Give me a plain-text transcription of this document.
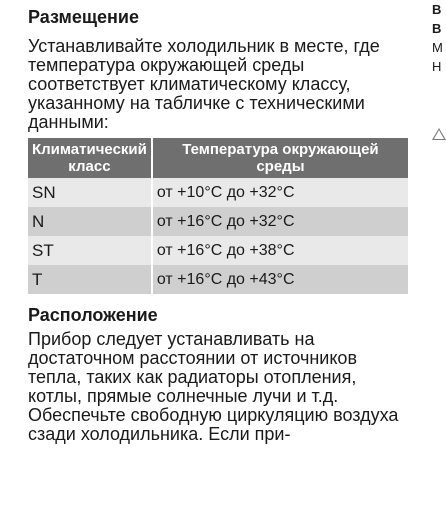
Размещение

Устанавливайте холодильник в месте, где температура окружающей среды соответствует климатическому классу, указанному на табличке с техническими данными:

Климатический класс	Температура окружающей среды
SN	от +10°C до +32°C
N	от +16°C до +32°C
ST	от +16°C до +38°C
T	от +16°C до +43°C
Расположение

Прибор следует устанавливать на достаточном расстоянии от источников тепла, таких как радиаторы отопления, котлы, прямые солнечные лучи и т.д. Обеспечьте свободную циркуляцию воздуха сзади холодильника. Если при-

В
В
М
Н
